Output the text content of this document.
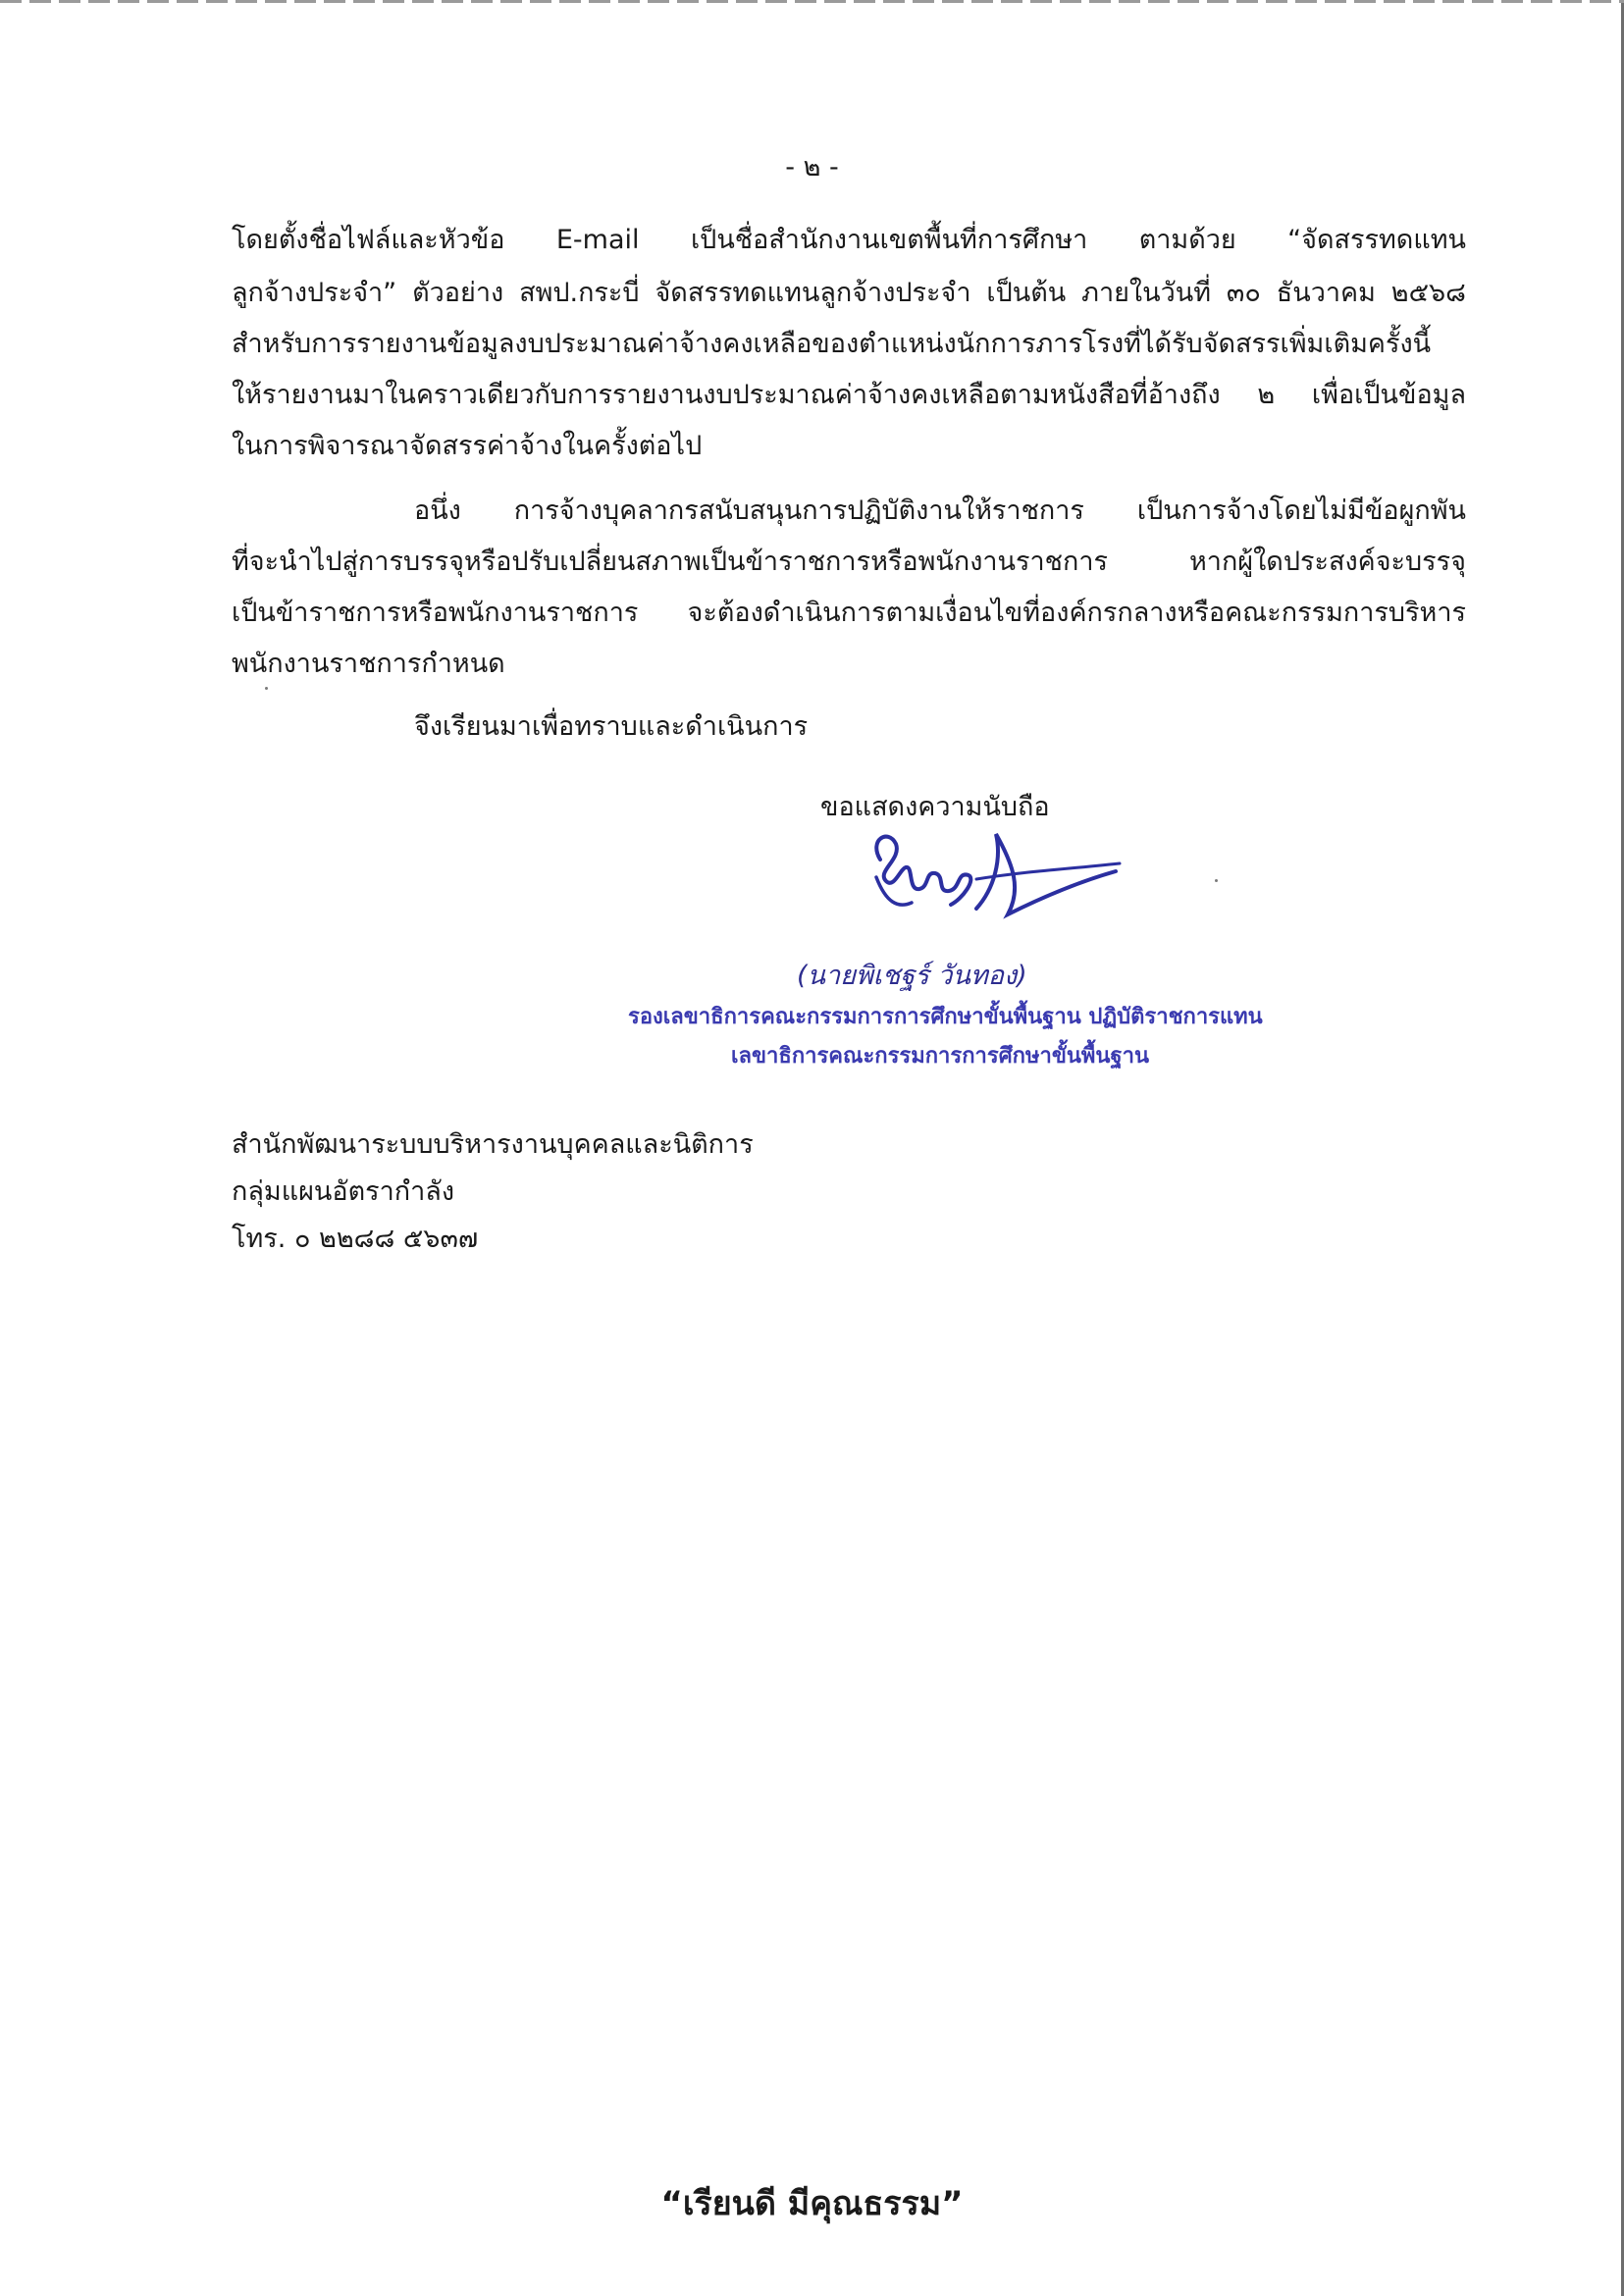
- ๒ -
โดยตั้งชื่อไฟล์และหัวข้อ E-mail เป็นชื่อสำนักงานเขตพื้นที่การศึกษา ตามด้วย “จัดสรรทดแทน
ลูกจ้างประจำ” ตัวอย่าง สพป.กระบี่ จัดสรรทดแทนลูกจ้างประจำ เป็นต้น ภายในวันที่ ๓๐ ธันวาคม ๒๕๖๘
สำหรับการรายงานข้อมูลงบประมาณค่าจ้างคงเหลือของตำแหน่งนักการภารโรงที่ได้รับจัดสรรเพิ่มเติมครั้งนี้
ให้รายงานมาในคราวเดียวกับการรายงานงบประมาณค่าจ้างคงเหลือตามหนังสือที่อ้างถึง ๒ เพื่อเป็นข้อมูล
ในการพิจารณาจัดสรรค่าจ้างในครั้งต่อไป
อนึ่ง การจ้างบุคลากรสนับสนุนการปฏิบัติงานให้ราชการ เป็นการจ้างโดยไม่มีข้อผูกพัน
ที่จะนำไปสู่การบรรจุหรือปรับเปลี่ยนสภาพเป็นข้าราชการหรือพนักงานราชการ หากผู้ใดประสงค์จะบรรจุ
เป็นข้าราชการหรือพนักงานราชการ จะต้องดำเนินการตามเงื่อนไขที่องค์กรกลางหรือคณะกรรมการบริหาร
พนักงานราชการกำหนด
จึงเรียนมาเพื่อทราบและดำเนินการ
ขอแสดงความนับถือ
(นายพิเชฐร์ วันทอง)
รองเลขาธิการคณะกรรมการการศึกษาขั้นพื้นฐาน ปฏิบัติราชการแทน
เลขาธิการคณะกรรมการการศึกษาขั้นพื้นฐาน
สำนักพัฒนาระบบบริหารงานบุคคลและนิติการ
กลุ่มแผนอัตรากำลัง
โทร. ๐ ๒๒๘๘ ๕๖๓๗
“เรียนดี มีคุณธรรม”
